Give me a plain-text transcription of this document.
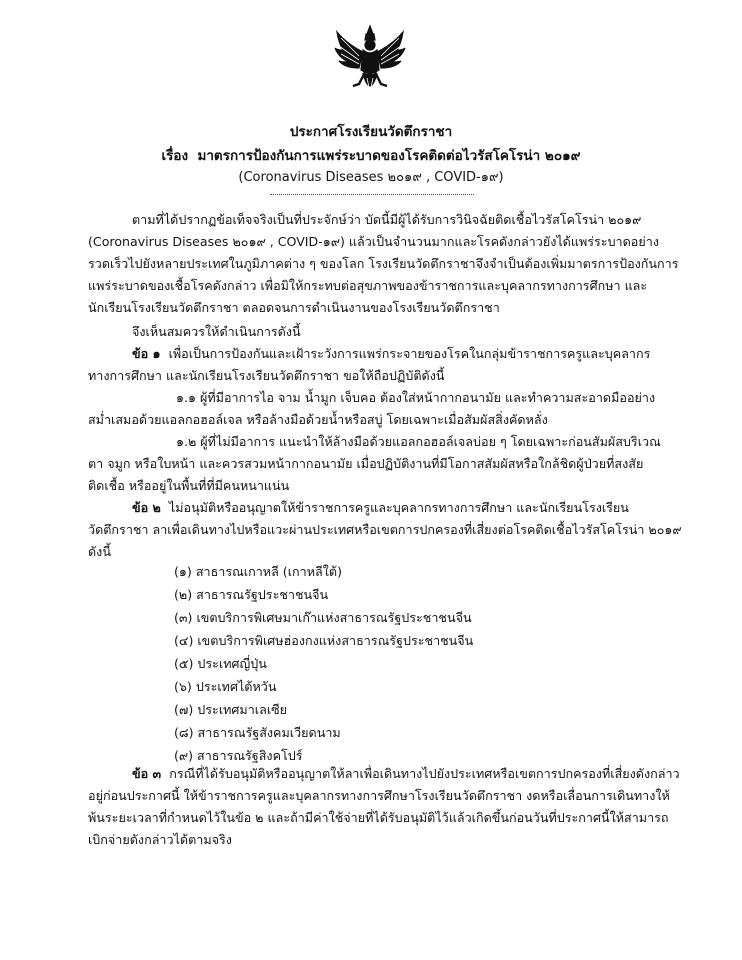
ประกาศโรงเรียนวัดตึกราชา
เรื่อง มาตรการป้องกันการแพร่ระบาดของโรคติดต่อไวรัสโคโรน่า ๒๐๑๙
(Coronavirus Diseases ๒๐๑๙ , COVID-๑๙)
ตามที่ได้ปรากฏข้อเท็จจริงเป็นที่ประจักษ์ว่า บัดนี้มีผู้ได้รับการวินิจฉัยติดเชื้อไวรัสโคโรน่า ๒๐๑๙
(Coronavirus Diseases ๒๐๑๙ , COVID-๑๙) แล้วเป็นจำนวนมากและโรคดังกล่าวยังได้แพร่ระบาดอย่าง
รวดเร็วไปยังหลายประเทศในภูมิภาคต่าง ๆ ของโลก โรงเรียนวัดตึกราชาจึงจำเป็นต้องเพิ่มมาตรการป้องกันการ
แพร่ระบาดของเชื้อโรคดังกล่าว เพื่อมิให้กระทบต่อสุขภาพของข้าราชการและบุคลากรทางการศึกษา และ
นักเรียนโรงเรียนวัดตึกราชา ตลอดจนการดำเนินงานของโรงเรียนวัดตึกราชา
จึงเห็นสมควรให้ดำเนินการดังนี้
ข้อ ๑ เพื่อเป็นการป้องกันและเฝ้าระวังการแพร่กระจายของโรคในกลุ่มข้าราชการครูและบุคลากร
ทางการศึกษา และนักเรียนโรงเรียนวัดตึกราชา ขอให้ถือปฏิบัติดังนี้
๑.๑ ผู้ที่มีอาการไอ จาม น้ำมูก เจ็บคอ ต้องใส่หน้ากากอนามัย และทำความสะอาดมืออย่าง
สม่ำเสมอด้วยแอลกอฮอล์เจล หรือล้างมือด้วยน้ำหรือสบู่ โดยเฉพาะเมื่อสัมผัสสิ่งคัดหลั่ง
๑.๒ ผู้ที่ไม่มีอาการ แนะนำให้ล้างมือด้วยแอลกอฮอล์เจลบ่อย ๆ โดยเฉพาะก่อนสัมผัสบริเวณ
ตา จมูก หรือใบหน้า และควรสวมหน้ากากอนามัย เมื่อปฏิบัติงานที่มีโอกาสสัมผัสหรือใกล้ชิดผู้ป่วยที่สงสัย
ติดเชื้อ หรืออยู่ในพื้นที่ที่มีคนหนาแน่น
ข้อ ๒ ไม่อนุมัติหรืออนุญาตให้ข้าราชการครูและบุคลากรทางการศึกษา และนักเรียนโรงเรียน
วัดตึกราชา ลาเพื่อเดินทางไปหรือแวะผ่านประเทศหรือเขตการปกครองที่เสี่ยงต่อโรคติดเชื้อไวรัสโคโรน่า ๒๐๑๙
ดังนี้
(๑) สาธารณเกาหลี (เกาหลีใต้)
(๒) สาธารณรัฐประชาชนจีน
(๓) เขตบริการพิเศษมาเก๊าแห่งสาธารณรัฐประชาชนจีน
(๔) เขตบริการพิเศษฮ่องกงแห่งสาธารณรัฐประชาชนจีน
(๕) ประเทศญี่ปุ่น
(๖) ประเทศไต้หวัน
(๗) ประเทศมาเลเซีย
(๘) สาธารณรัฐสังคมเวียดนาม
(๙) สาธารณรัฐสิงคโปร์
ข้อ ๓ กรณีที่ได้รับอนุมัติหรืออนุญาตให้ลาเพื่อเดินทางไปยังประเทศหรือเขตการปกครองที่เสี่ยงดังกล่าว
อยู่ก่อนประกาศนี้ ให้ข้าราชการครูและบุคลากรทางการศึกษาโรงเรียนวัดตึกราชา งดหรือเลื่อนการเดินทางให้
พ้นระยะเวลาที่กำหนดไว้ในข้อ ๒ และถ้ามีค่าใช้จ่ายที่ได้รับอนุมัติไว้แล้วเกิดขึ้นก่อนวันที่ประกาศนี้ให้สามารถ
เบิกจ่ายดังกล่าวได้ตามจริง
